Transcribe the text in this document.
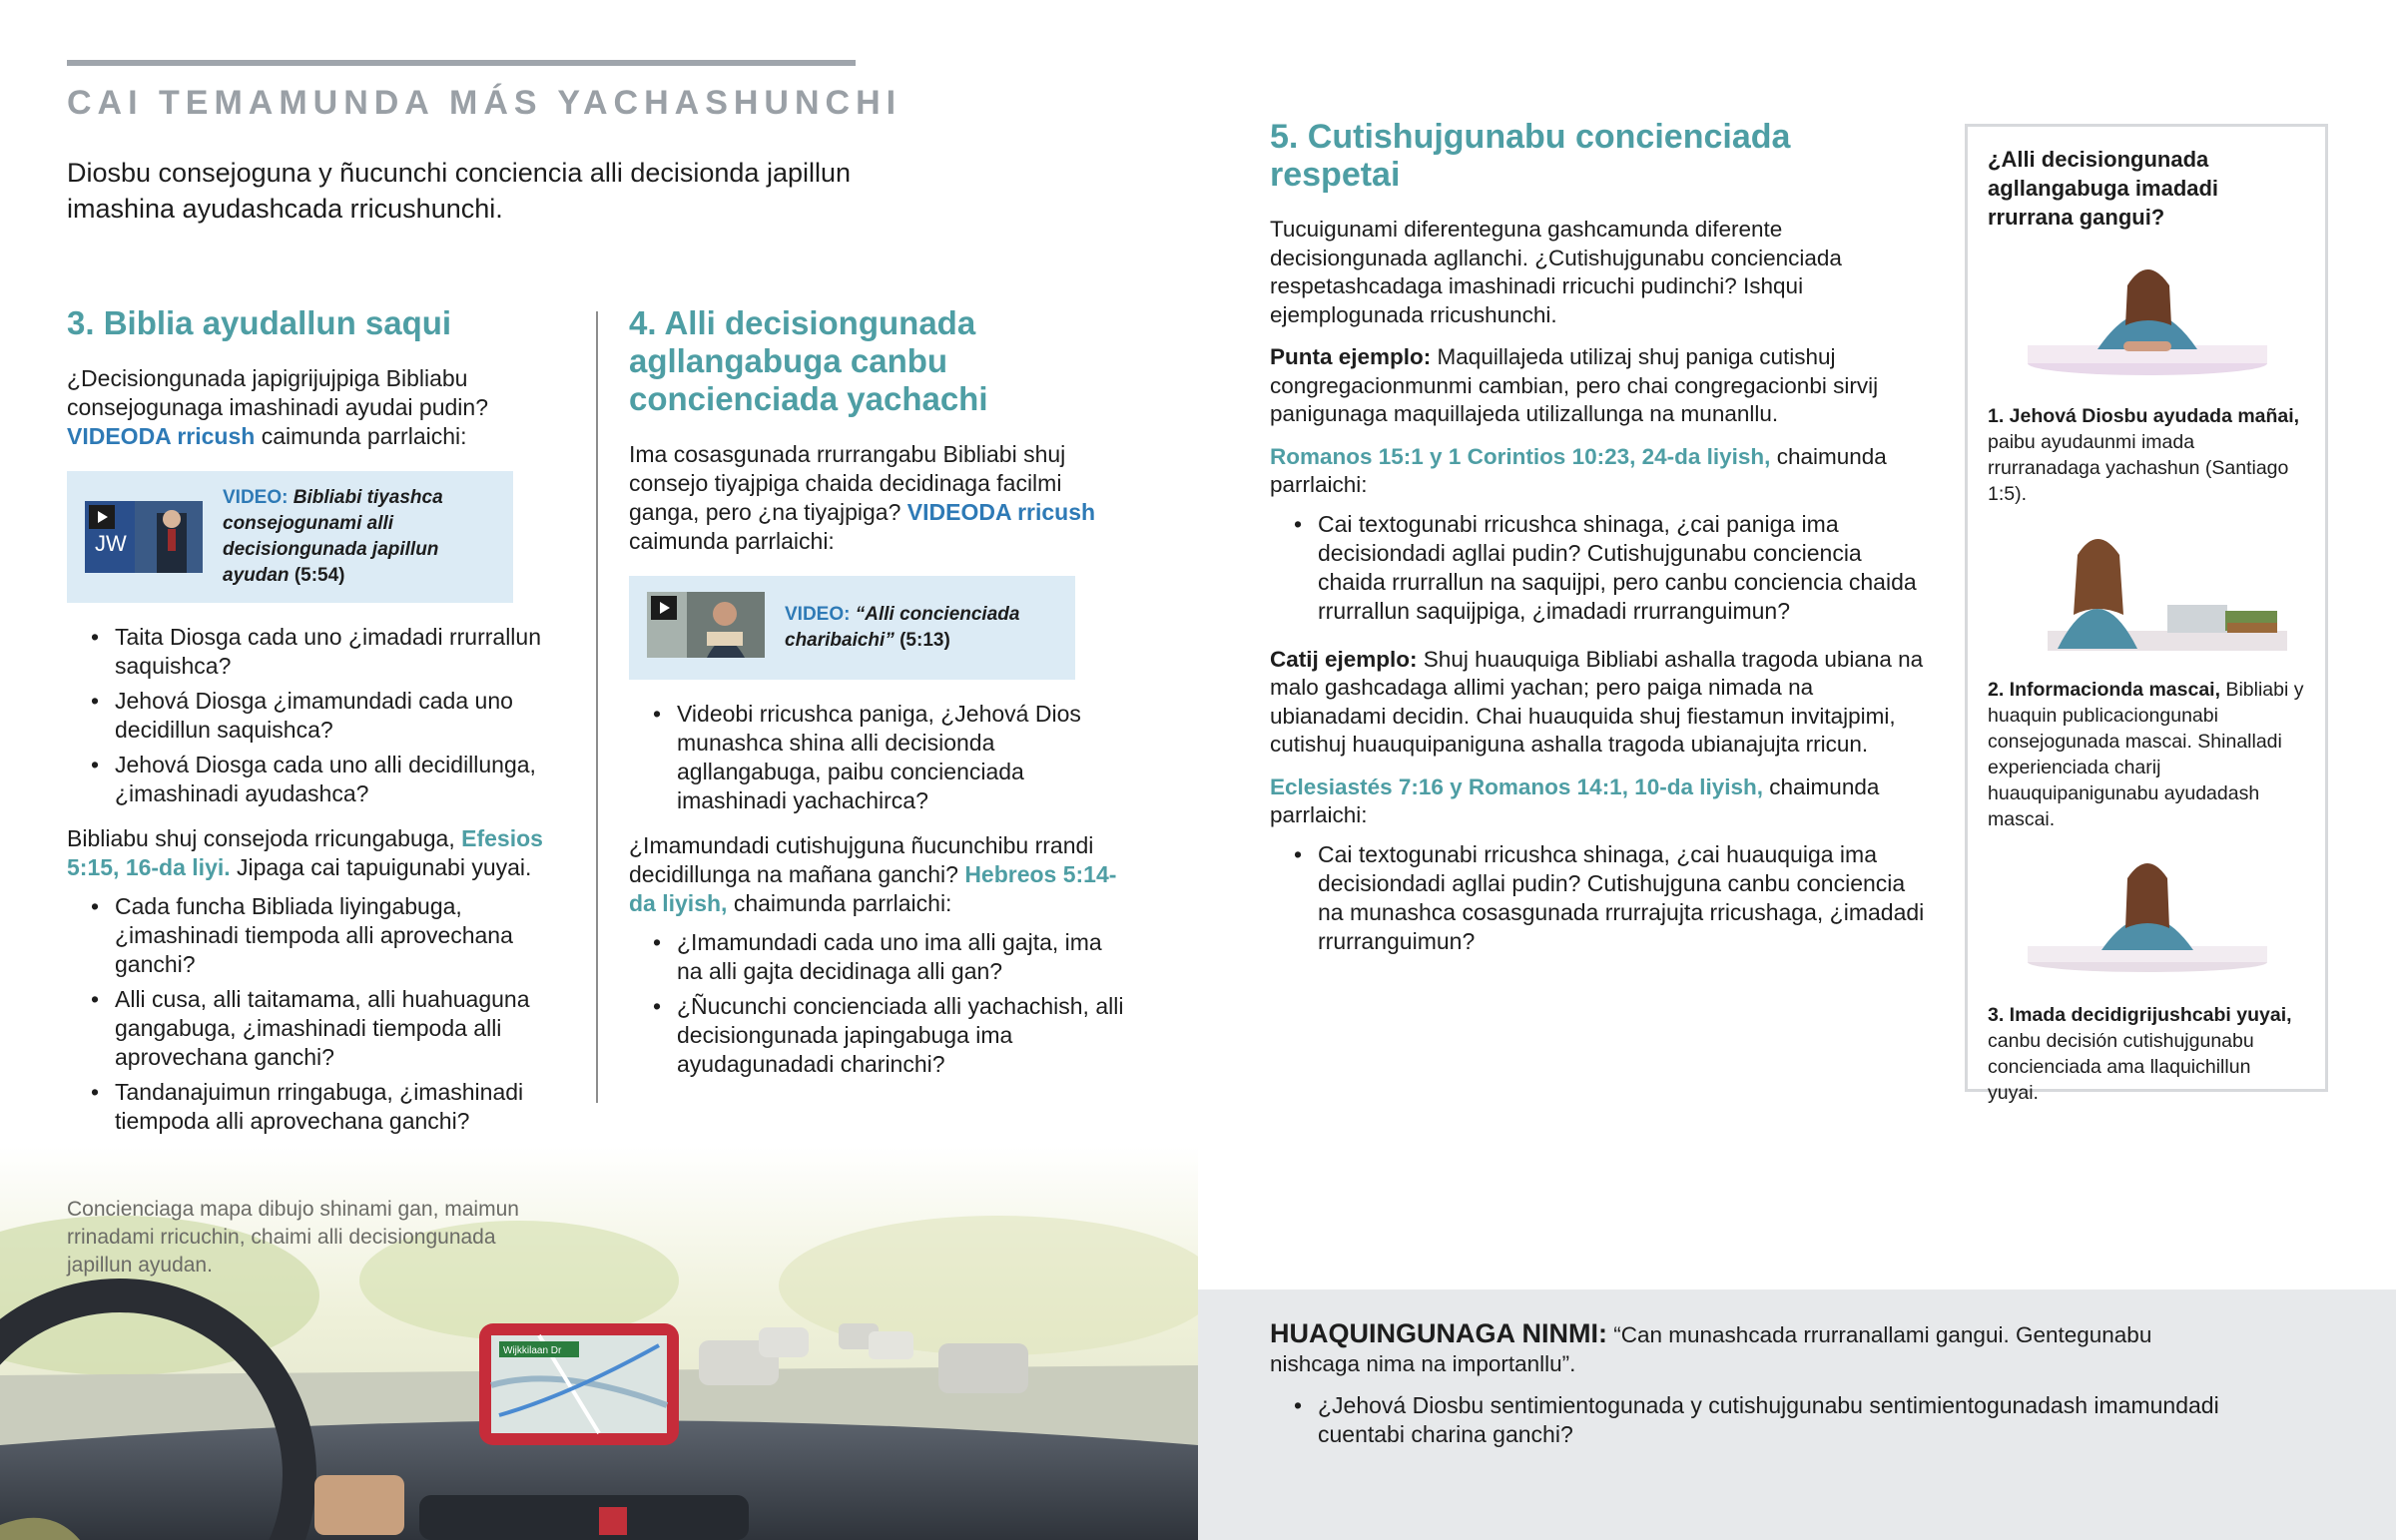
CAI TEMAMUNDA MÁS YACHASHUNCHI

Diosbu consejoguna y ñucunchi conciencia alli decisionda japillun imashina ayudashcada rricushunchi.

3. Biblia ayudallun saqui

¿Decisiongunada japigrijujpiga Bibliabu consejogunaga imashinadi ayudai pudin? VIDEODA rricush caimunda parrlaichi:

JW
VIDEO: Bibliabi tiyashca consejogunami alli decisiongunada japillun ayudan (5:54)
• Taita Diosga cada uno ¿imadadi rrurrallun saquishca?
• Jehová Diosga ¿imamundadi cada uno decidillun saquishca?
• Jehová Diosga cada uno alli decidillunga, ¿imashinadi ayudashca?

Bibliabu shuj consejoda rricungabuga, Efesios 5:15, 16-da liyi. Jipaga cai tapuigunabi yuyai.

• Cada funcha Bibliada liyingabuga, ¿imashinadi tiempoda alli aprovechana ganchi?
• Alli cusa, alli taitamama, alli huahuaguna gangabuga, ¿imashinadi tiempoda alli aprovechana ganchi?
• Tandanajuimun rringabuga, ¿imashinadi tiempoda alli aprovechana ganchi?
4. Alli decisiongunada agllangabuga canbu concienciada yachachi

Ima cosasgunada rrurrangabu Bibliabi shuj consejo tiyajpiga chaida decidinaga facilmi ganga, pero ¿na tiyajpiga? VIDEODA rricush caimunda parrlaichi:

VIDEO: “Alli concienciada charibaichi” (5:13)
• Videobi rricushca paniga, ¿Jehová Dios munashca shina alli decisionda agllangabuga, paibu concienciada imashinadi yachachirca?

¿Imamundadi cutishujguna ñucunchibu rrandi decidillunga na mañana ganchi? Hebreos 5:14-da liyish, chaimunda parrlaichi:

• ¿Imamundadi cada uno ima alli gajta, ima na alli gajta decidinaga alli gan?
• ¿Ñucunchi concienciada alli yachachish, alli decisiongunada japingabuga ima ayudagunadadi charinchi?
5. Cutishujgunabu concienciada respetai

Tucuigunami diferenteguna gashcamunda diferente decisiongunada agllanchi. ¿Cutishujgunabu concienciada respetashcadaga imashinadi rricuchi pudinchi? Ishqui ejemplogunada rricushunchi.

Punta ejemplo: Maquillajeda utilizaj shuj paniga cutishuj congregacionmunmi cambian, pero chai congregacionbi sirvij panigunaga maquillajeda utilizallunga na munanllu.

Romanos 15:1 y 1 Corintios 10:23, 24-da liyish, chaimunda parrlaichi:

• Cai textogunabi rricushca shinaga, ¿cai paniga ima decisiondadi agllai pudin? Cutishujgunabu conciencia chaida rrurrallun na saquijpi, pero canbu conciencia chaida rrurrallun saquijpiga, ¿imadadi rrurranguimun?

Catij ejemplo: Shuj huauquiga Bibliabi ashalla tragoda ubiana na malo gashcadaga allimi yachan; pero paiga nimada na ubianadami decidin. Chai huauquida shuj fiestamun invitajpimi, cutishuj huauquipaniguna ashalla tragoda ubianajujta rricun.

Eclesiastés 7:16 y Romanos 14:1, 10-da liyish, chaimunda parrlaichi:

• Cai textogunabi rricushca shinaga, ¿cai huauquiga ima decisiondadi agllai pudin? Cutishujguna canbu conciencia na munashca cosasgunada rrurrajujta rricushaga, ¿imadadi rrurranguimun?
¿Alli decisiongunada agllangabuga imadadi rrurrana gangui?
1. Jehová Diosbu ayudada mañai, paibu ayudaunmi imada rrurranadaga yachashun (Santiago 1:5).
2. Informacionda mascai, Bibliabi y huaquin publicaciongunabi consejogunada mascai. Shinalladi experienciada charij huauquipanigunabu ayudadash mascai.
3. Imada decidigrijushcabi yuyai, canbu decisión cutishujgunabu concienciada ama llaquichillun yuyai.
Wijkkilaan Dr

Concienciaga mapa dibujo shinami gan, maimun rrinadami rricuchin, chaimi alli decisiongunada japillun ayudan.

HUAQUINGUNAGA NINMI: “Can munashcada rrurranallami gangui. Gentegunabu nishcaga nima na importanllu”.

• ¿Jehová Diosbu sentimientogunada y cutishujgunabu sentimientogunadash imamundadi cuentabi charina ganchi?
